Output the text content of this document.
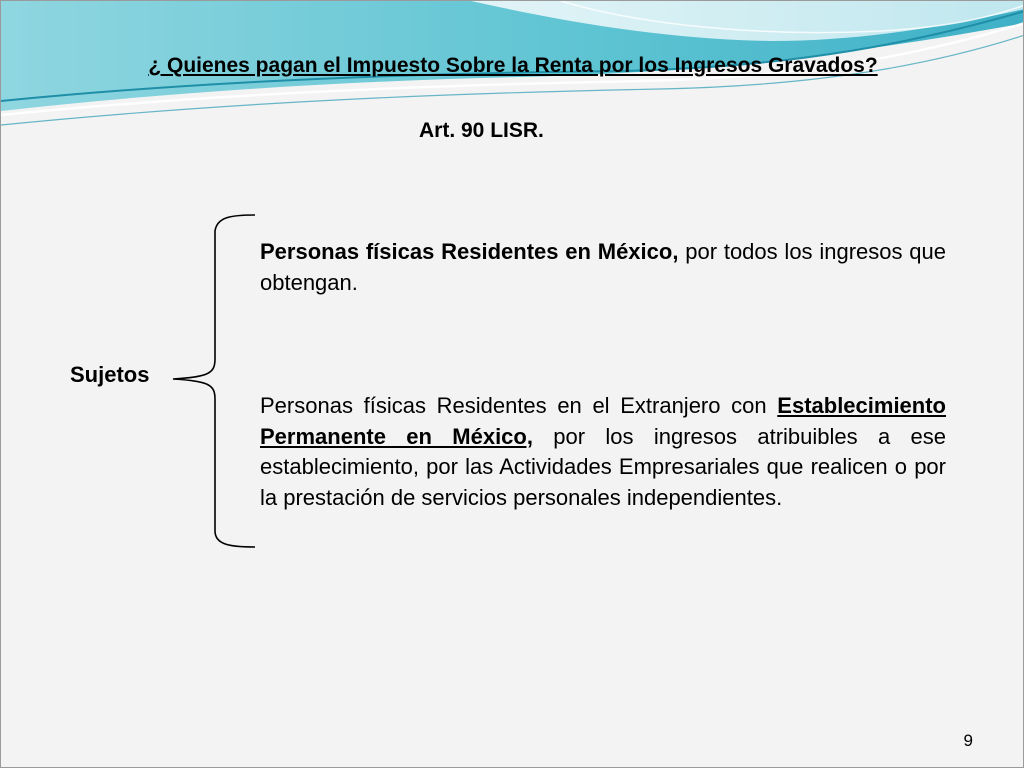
¿ Quienes pagan el Impuesto Sobre la Renta por los Ingresos Gravados?
Art. 90 LISR.
Sujetos

Personas físicas Residentes en México, por todos los ingresos que obtengan.

Personas físicas Residentes en el Extranjero con Establecimiento Permanente en México, por los ingresos atribuibles a ese establecimiento, por las Actividades Empresariales que realicen o por la prestación de servicios personales independientes.

9
